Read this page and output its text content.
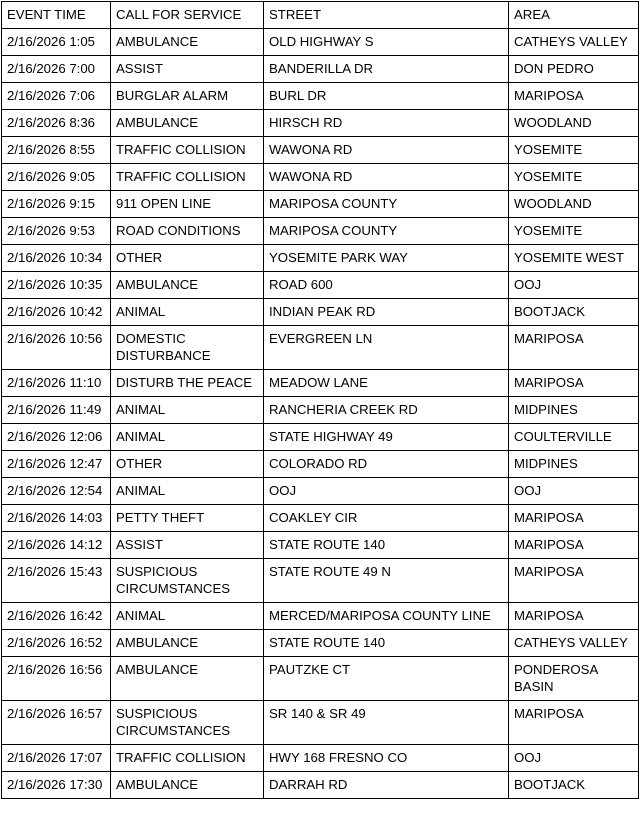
EVENT TIME	CALL FOR SERVICE	STREET	AREA
2/16/2026 1:05	AMBULANCE	OLD HIGHWAY S	CATHEYS VALLEY
2/16/2026 7:00	ASSIST	BANDERILLA DR	DON PEDRO
2/16/2026 7:06	BURGLAR ALARM	BURL DR	MARIPOSA
2/16/2026 8:36	AMBULANCE	HIRSCH RD	WOODLAND
2/16/2026 8:55	TRAFFIC COLLISION	WAWONA RD	YOSEMITE
2/16/2026 9:05	TRAFFIC COLLISION	WAWONA RD	YOSEMITE
2/16/2026 9:15	911 OPEN LINE	MARIPOSA COUNTY	WOODLAND
2/16/2026 9:53	ROAD CONDITIONS	MARIPOSA COUNTY	YOSEMITE
2/16/2026 10:34	OTHER	YOSEMITE PARK WAY	YOSEMITE WEST
2/16/2026 10:35	AMBULANCE	ROAD 600	OOJ
2/16/2026 10:42	ANIMAL	INDIAN PEAK RD	BOOTJACK
2/16/2026 10:56	DOMESTIC DISTURBANCE	EVERGREEN LN	MARIPOSA
2/16/2026 11:10	DISTURB THE PEACE	MEADOW LANE	MARIPOSA
2/16/2026 11:49	ANIMAL	RANCHERIA CREEK RD	MIDPINES
2/16/2026 12:06	ANIMAL	STATE HIGHWAY 49	COULTERVILLE
2/16/2026 12:47	OTHER	COLORADO RD	MIDPINES
2/16/2026 12:54	ANIMAL	OOJ	OOJ
2/16/2026 14:03	PETTY THEFT	COAKLEY CIR	MARIPOSA
2/16/2026 14:12	ASSIST	STATE ROUTE 140	MARIPOSA
2/16/2026 15:43	SUSPICIOUS CIRCUMSTANCES	STATE ROUTE 49 N	MARIPOSA
2/16/2026 16:42	ANIMAL	MERCED/MARIPOSA COUNTY LINE	MARIPOSA
2/16/2026 16:52	AMBULANCE	STATE ROUTE 140	CATHEYS VALLEY
2/16/2026 16:56	AMBULANCE	PAUTZKE CT	PONDEROSA BASIN
2/16/2026 16:57	SUSPICIOUS CIRCUMSTANCES	SR 140 & SR 49	MARIPOSA
2/16/2026 17:07	TRAFFIC COLLISION	HWY 168 FRESNO CO	OOJ
2/16/2026 17:30	AMBULANCE	DARRAH RD	BOOTJACK
